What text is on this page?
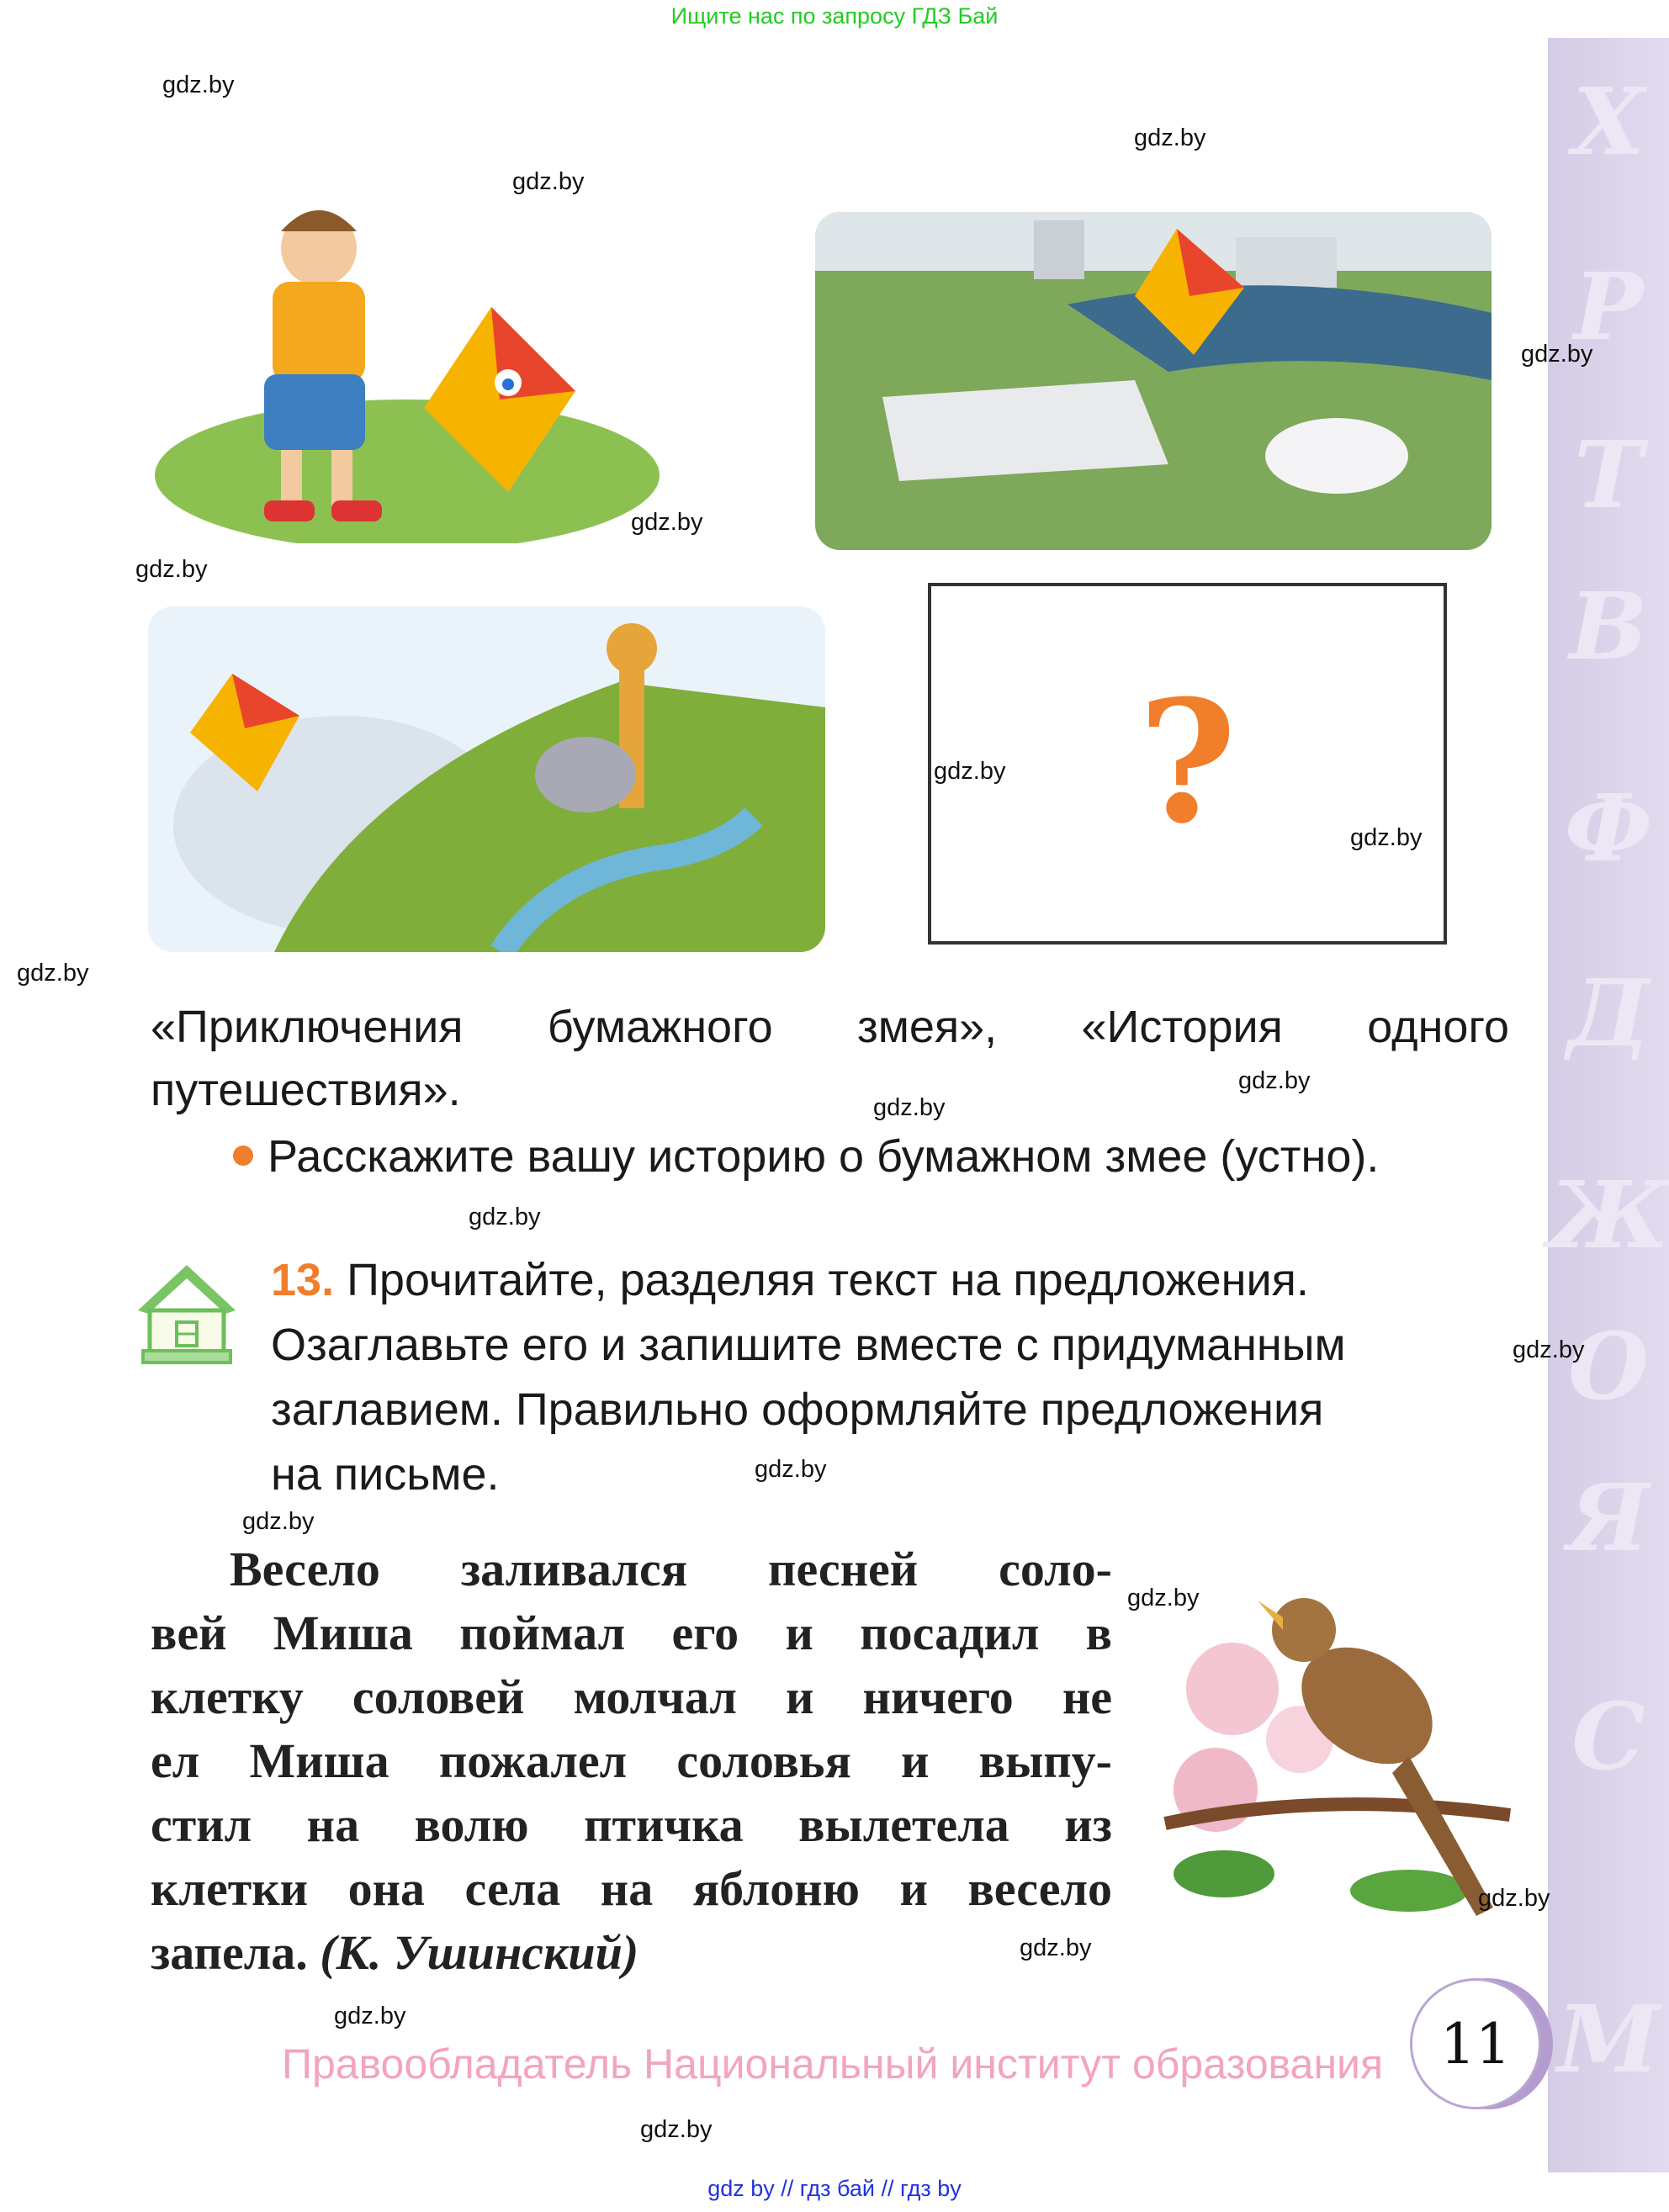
Ищите нас по запросу ГДЗ Бай
Х
Р
Т
В
Ф
Д
Ж
О
Я
С
М
?
«Приключения бумажного змея», «История одного
путешествия».
Расскажите вашу историю о бумажном змее (устно).
13. Прочитайте, разделяя текст на предложения.
Озаглавьте его и запишите вместе с придуманным
заглавием. Правильно оформляйте предложения
на письме.
Весело заливался песней соло-
вей Миша поймал его и посадил в
клетку соловей молчал и ничего не
ел Миша пожалел соловья и выпу-
стил на волю птичка вылетела из
клетки она села на яблоню и весело
запела. (К. Ушинский)
11
Правообладатель Национальный институт образования
gdz by // гдз бай // гдз by
gdz.by
gdz.by
gdz.by
gdz.by
gdz.by
gdz.by
gdz.by
gdz.by
gdz.by
gdz.by
gdz.by
gdz.by
gdz.by
gdz.by
gdz.by
gdz.by
gdz.by
gdz.by
gdz.by
gdz.by
